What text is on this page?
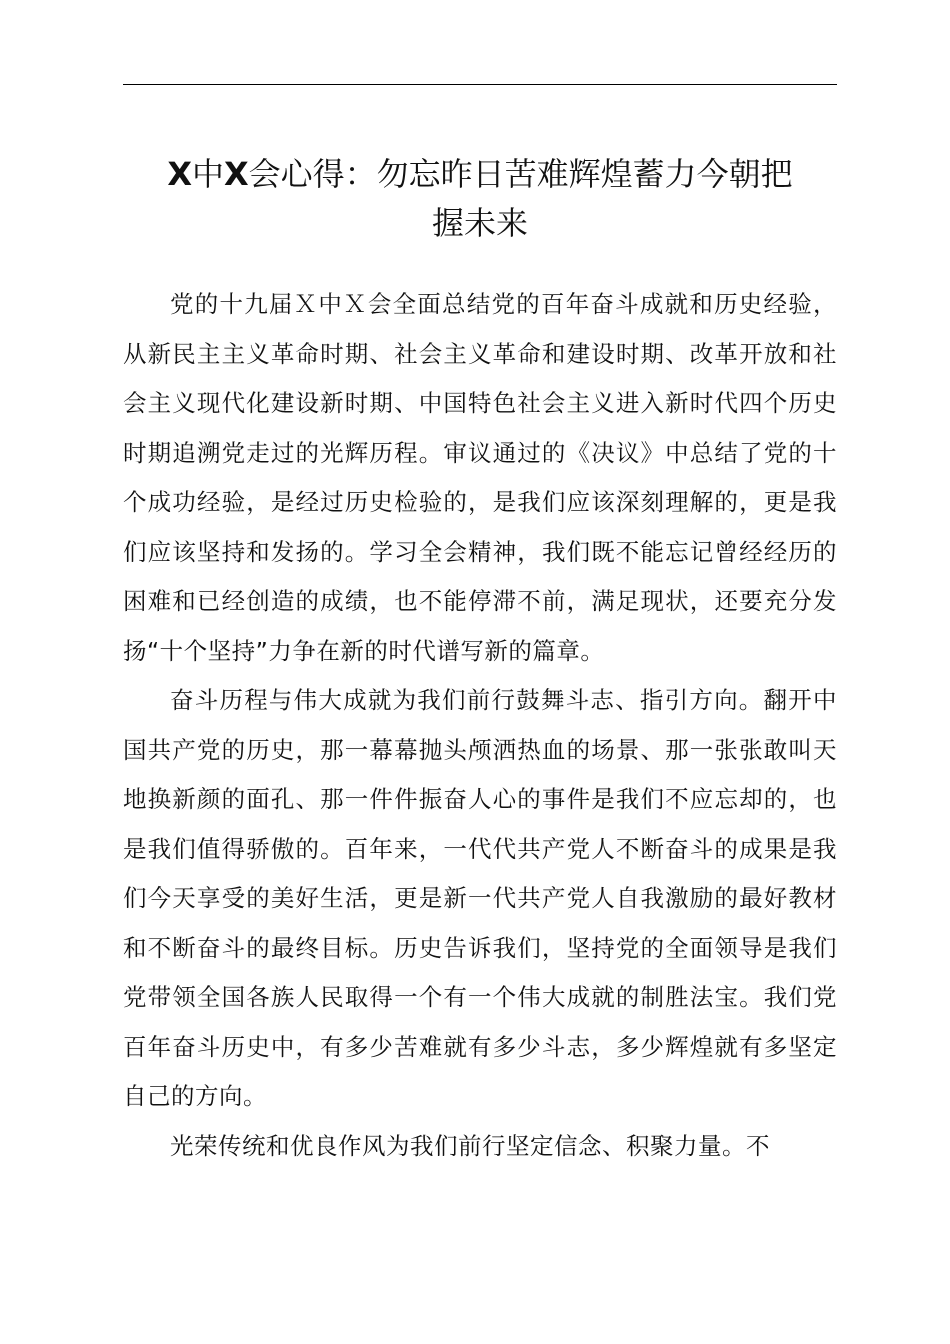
X中X会心得：勿忘昨日苦难辉煌蓄力今朝把
握未来

党的十九届Ｘ中Ｘ会全面总结党的百年奋斗成就和历史经验，从新民主主义革命时期、社会主义革命和建设时期、改革开放和社会主义现代化建设新时期、中国特色社会主义进入新时代四个历史时期追溯党走过的光辉历程。审议通过的《决议》中总结了党的十个成功经验，是经过历史检验的，是我们应该深刻理解的，更是我们应该坚持和发扬的。学习全会精神，我们既不能忘记曾经经历的困难和已经创造的成绩，也不能停滞不前，满足现状，还要充分发扬“十个坚持”力争在新的时代谱写新的篇章。

奋斗历程与伟大成就为我们前行鼓舞斗志、指引方向。翻开中国共产党的历史，那一幕幕抛头颅洒热血的场景、那一张张敢叫天地换新颜的面孔、那一件件振奋人心的事件是我们不应忘却的，也是我们值得骄傲的。百年来，一代代共产党人不断奋斗的成果是我们今天享受的美好生活，更是新一代共产党人自我激励的最好教材和不断奋斗的最终目标。历史告诉我们，坚持党的全面领导是我们党带领全国各族人民取得一个有一个伟大成就的制胜法宝。我们党百年奋斗历史中，有多少苦难就有多少斗志，多少辉煌就有多坚定自己的方向。

光荣传统和优良作风为我们前行坚定信念、积聚力量。不
